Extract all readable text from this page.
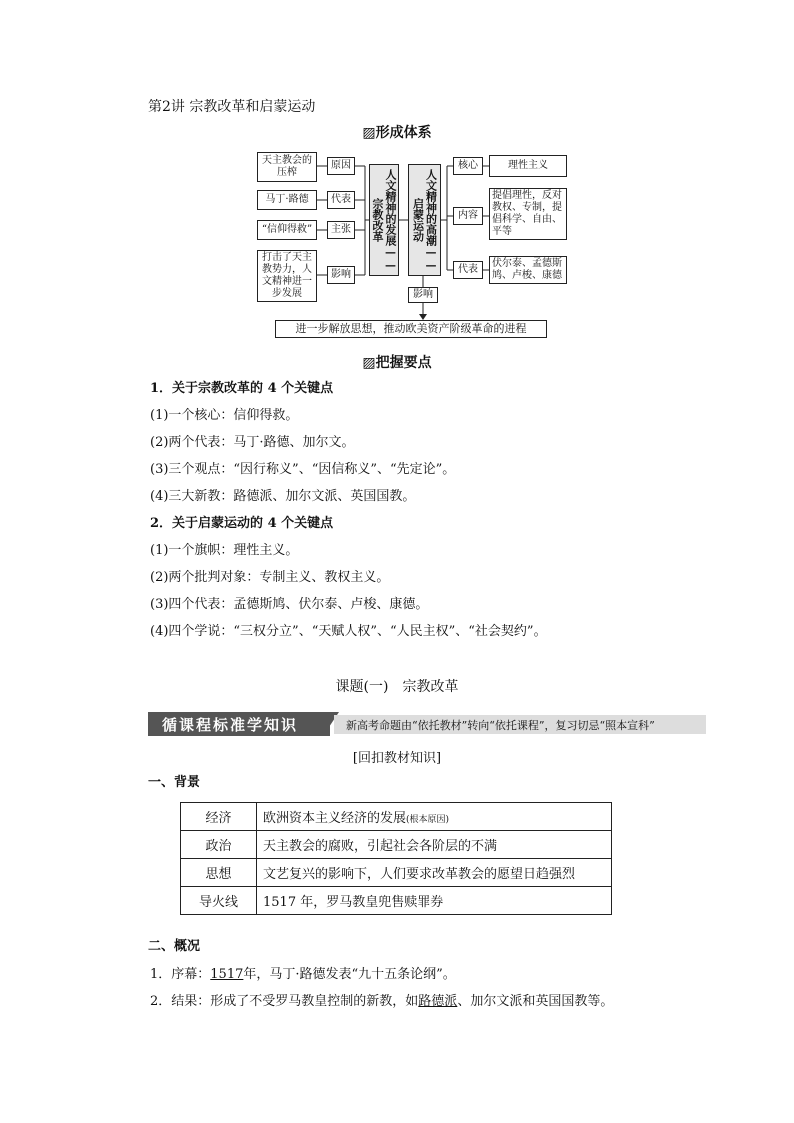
第2讲 宗教改革和启蒙运动
▨形成体系
天主教会的压榨
马丁·路德
“信仰得救”
打击了天主教势力，人文精神进一步发展
原因
代表
主张
影响
人文精神的发展——宗教改革	人文精神的高潮——启蒙运动
核心
内容
代表
理性主义
提倡理性，反对教权、专制，提倡科学、自由、平等
伏尔泰、孟德斯鸠、卢梭、康德
影响
进一步解放思想，推动欧美资产阶级革命的进程
▨把握要点
1．关于宗教改革的 4 个关键点
(1)一个核心：信仰得救。
(2)两个代表：马丁·路德、加尔文。
(3)三个观点：“因行称义”、“因信称义”、“先定论”。
(4)三大新教：路德派、加尔文派、英国国教。
2．关于启蒙运动的 4 个关键点
(1)一个旗帜：理性主义。
(2)两个批判对象：专制主义、教权主义。
(3)四个代表：孟德斯鸠、伏尔泰、卢梭、康德。
(4)四个学说：“三权分立”、“天赋人权”、“人民主权”、“社会契约”。
课题(一)　宗教改革
循课程标准学知识	新高考命题由“依托教材”转向“依托课程”，复习切忌“照本宣科”
[回扣教材知识]
一、背景
经济	欧洲资本主义经济的发展(根本原因)
政治	天主教会的腐败，引起社会各阶层的不满
思想	文艺复兴的影响下，人们要求改革教会的愿望日趋强烈
导火线	1517 年，罗马教皇兜售赎罪券
二、概况
1．序幕：1517年，马丁·路德发表“九十五条论纲”。
2．结果：形成了不受罗马教皇控制的新教，如路德派、加尔文派和英国国教等。
